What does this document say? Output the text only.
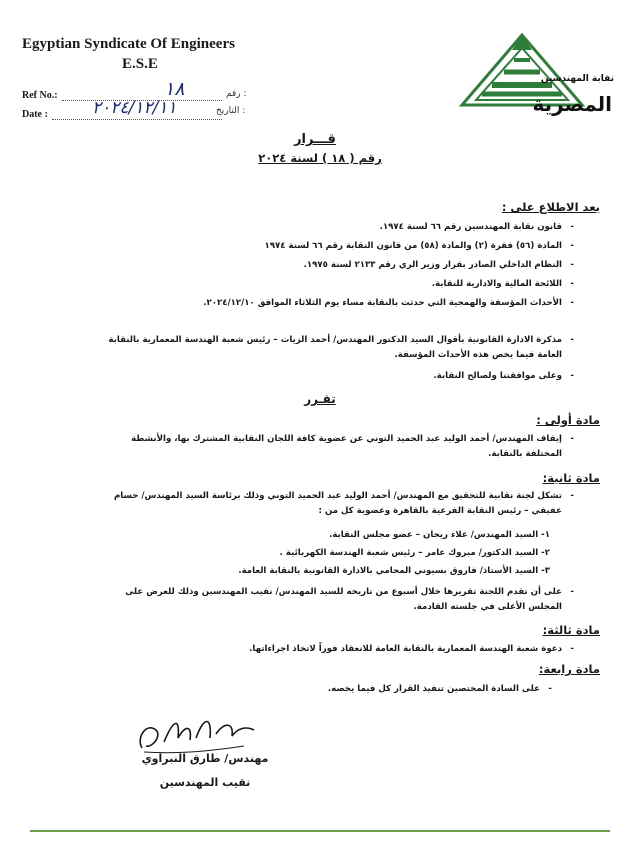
Egyptian Syndicate Of Engineers
E.S.E
Ref No.:	رقم :
١٨
Date :	التاريخ :
٢٠٢٤/١٢/١١
نقابة المهندسين
المصرية
قـــرار
رقم ( ١٨ ) لسنة ٢٠٢٤
بعد الاطلاع على :
-
قانون نقابة المهندسين رقم ٦٦ لسنة ١٩٧٤.
-
المادة (٥٦) فقرة (٢) والمادة (٥٨) من قانون النقابة رقم ٦٦ لسنة ١٩٧٤
-
النظام الداخلي الصادر بقرار وزير الري رقم ٢١٣٣ لسنة ١٩٧٥.
-
اللائحة المالية والادارية للنقابة.
-
الأحداث المؤسفة والهمجية التي حدثت بالنقابة مساء يوم الثلاثاء الموافق ٢٠٢٤/١٢/١٠.
-
مذكرة الادارة القانونية بأقوال السيد الدكتور المهندس/ أحمد الزيات – رئيس شعبة الهندسة المعمارية بالنقابة العامة فيما يخص هذه الأحداث المؤسفة.
-
وعلى موافقتنا ولصالح النقابة.
تقـرر
مادة أولى :
-
إيقاف المهندس/ أحمد الوليد عبد الحميد التوني عن عضوية كافة اللجان النقابية المشترك بها، والأنشطة المختلفة بالنقابة.
مادة ثانية:
-
تشكل لجنة نقابية للتحقيق مع المهندس/ أحمد الوليد عبد الحميد التوني وذلك برئاسة السيد المهندس/ حسام عفيفي – رئيس النقابة الفرعية بالقاهرة وعضوية كل من :
١- السيد المهندس/ علاء ريحان – عضو مجلس النقابة.
٢- السيد الدكتور/ مبروك عامر – رئيس شعبة الهندسة الكهربائية .
٣- السيد الأستاذ/ فاروق بسيوني المحامي بالادارة القانونية بالنقابة العامة.
-
على أن تقدم اللجنة تقريرها خلال أسبوع من تاريخه للسيد المهندس/ نقيب المهندسين وذلك للعرض على المجلس الأعلى في جلسته القادمة.
مادة ثالثة:
-
دعوة شعبة الهندسة المعمارية بالنقابة العامة للانعقاد فوراً لاتخاذ اجراءاتها.
مادة رابعة:
-
على السادة المختصين تنفيذ القرار كل فيما يخصه.
مهندس/ طارق النبراوي
نقيب المهندسين
